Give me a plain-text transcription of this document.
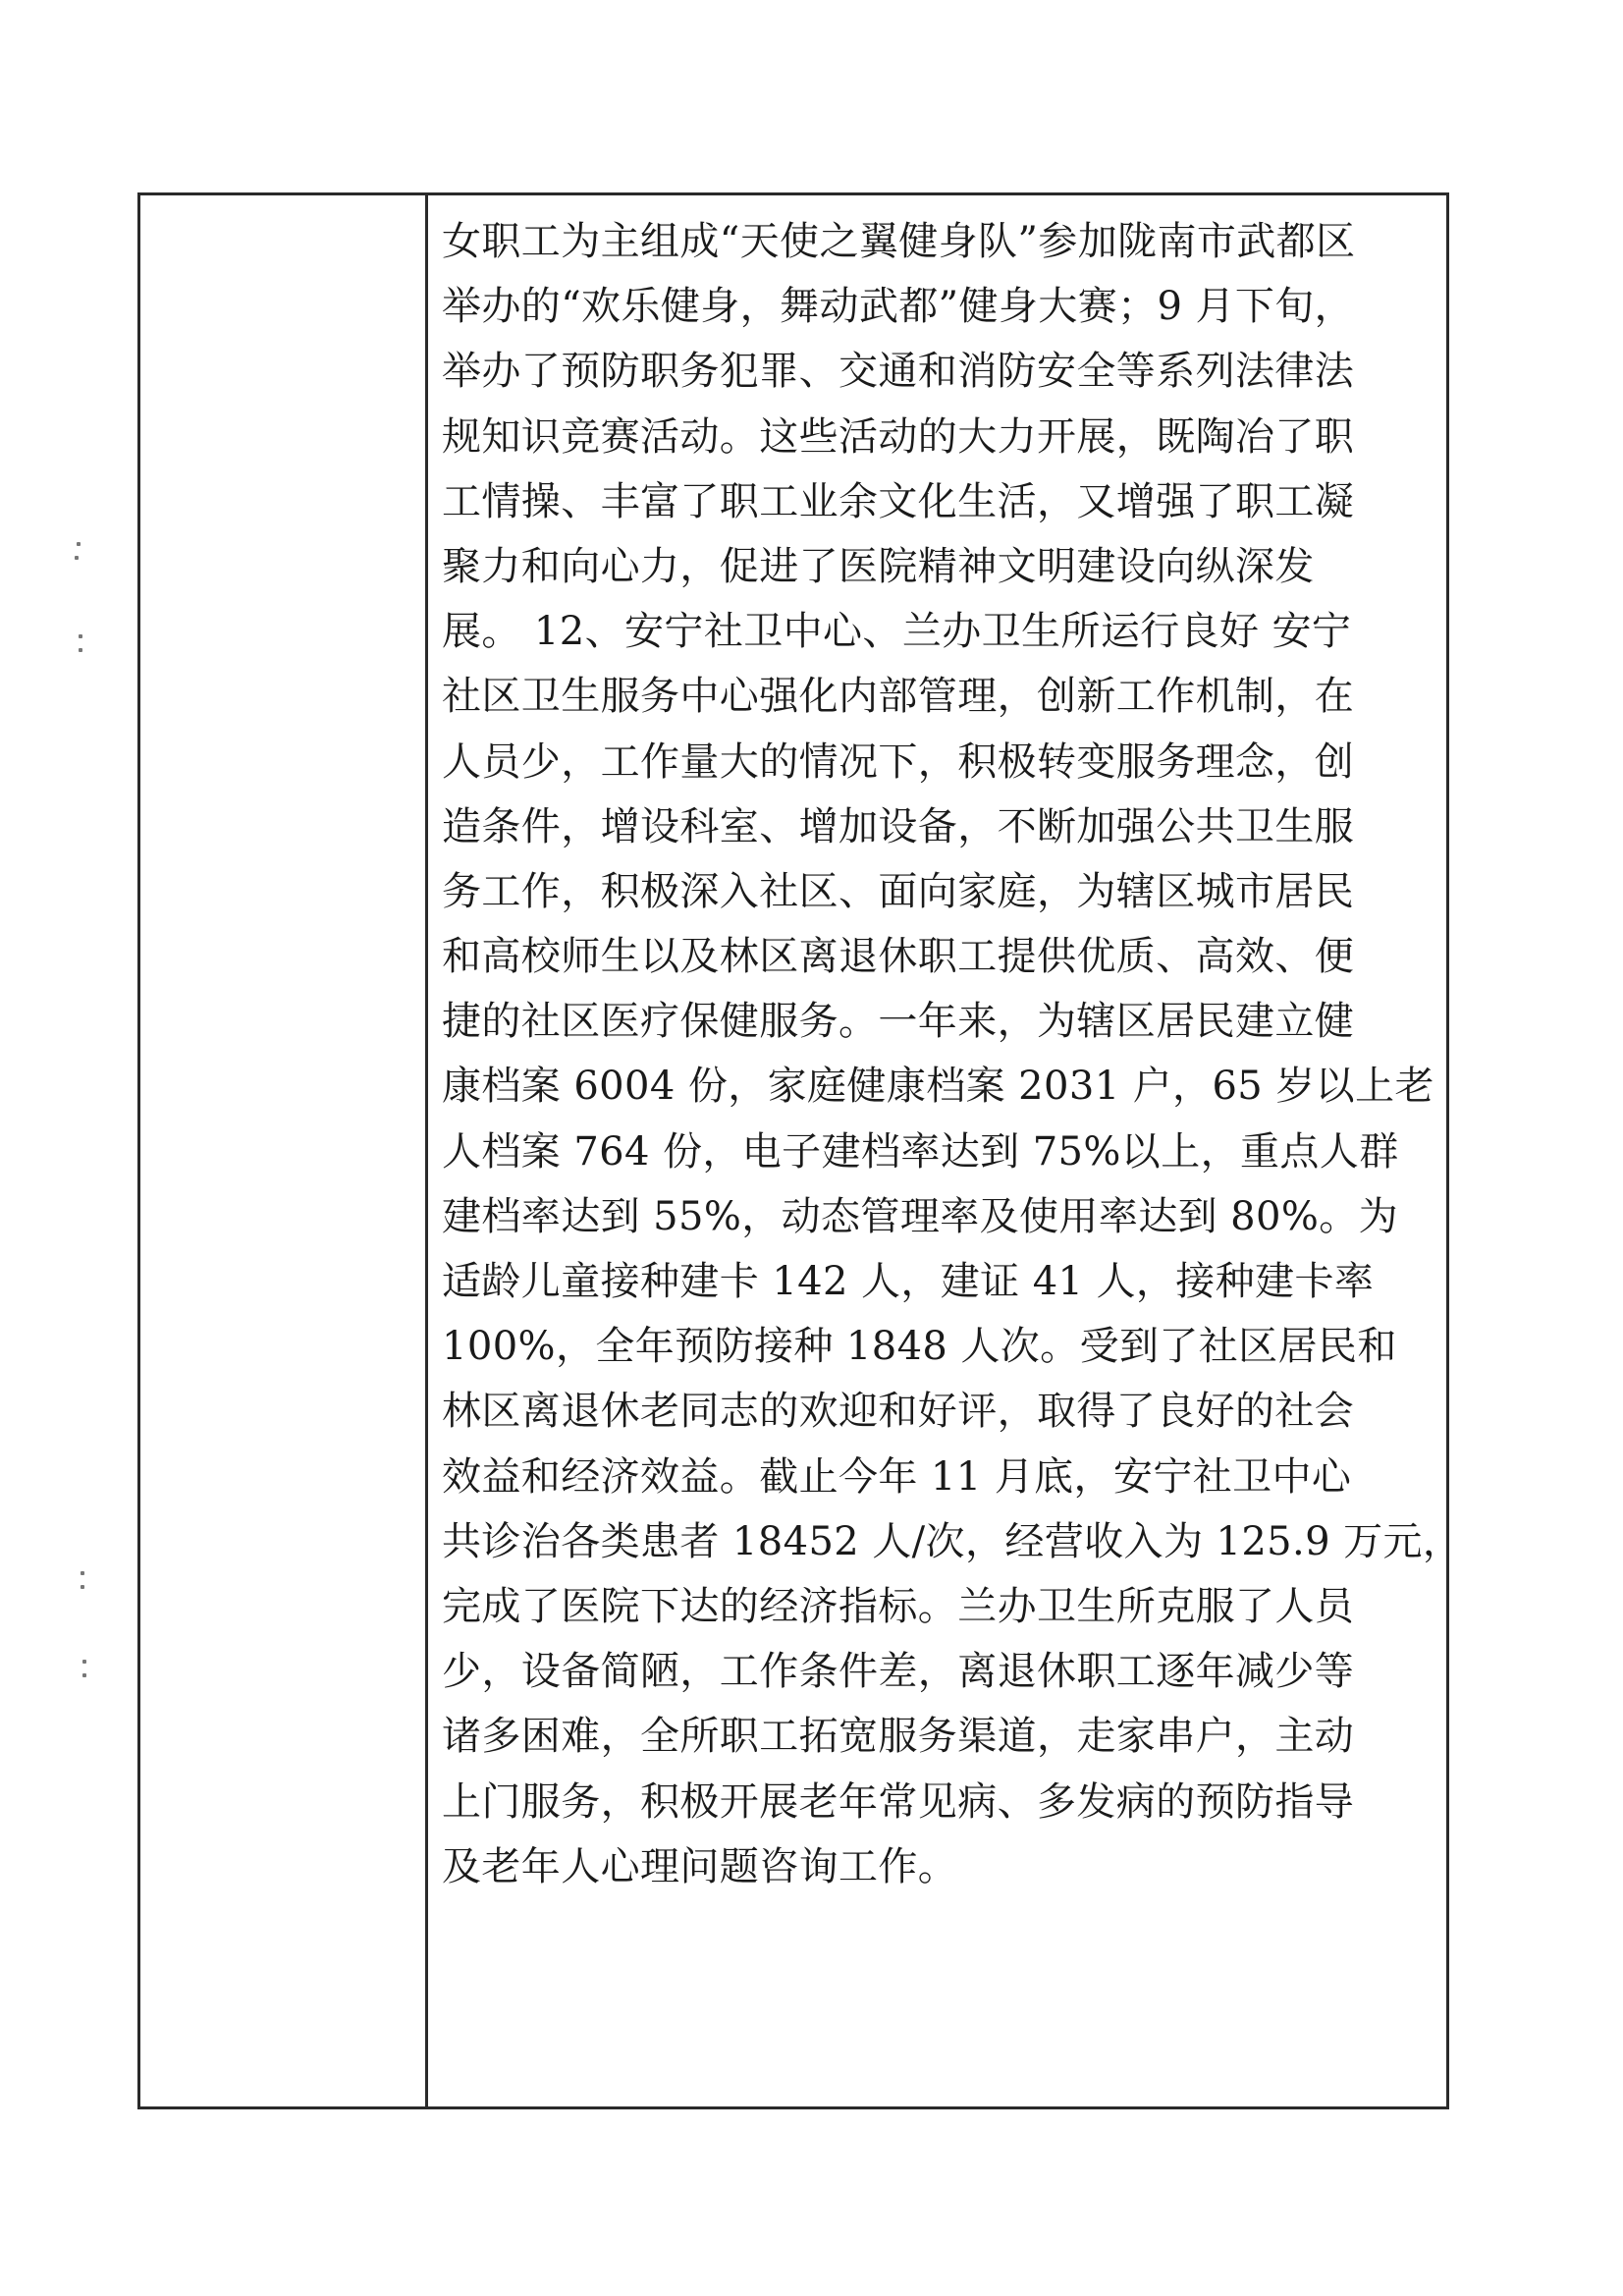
女职工为主组成“天使之翼健身队”参加陇南市武都区
举办的“欢乐健身，舞动武都”健身大赛；9 月下旬，
举办了预防职务犯罪、交通和消防安全等系列法律法
规知识竞赛活动。这些活动的大力开展，既陶冶了职
工情操、丰富了职工业余文化生活，又增强了职工凝
聚力和向心力，促进了医院精神文明建设向纵深发
展。 12、安宁社卫中心、兰办卫生所运行良好 安宁
社区卫生服务中心强化内部管理，创新工作机制，在
人员少，工作量大的情况下，积极转变服务理念，创
造条件，增设科室、增加设备，不断加强公共卫生服
务工作，积极深入社区、面向家庭，为辖区城市居民
和高校师生以及林区离退休职工提供优质、高效、便
捷的社区医疗保健服务。一年来，为辖区居民建立健
康档案 6004 份，家庭健康档案 2031 户，65 岁以上老
人档案 764 份，电子建档率达到 75%以上，重点人群
建档率达到 55%，动态管理率及使用率达到 80%。为
适龄儿童接种建卡 142 人，建证 41 人，接种建卡率
100%，全年预防接种 1848 人次。受到了社区居民和
林区离退休老同志的欢迎和好评，取得了良好的社会
效益和经济效益。截止今年 11 月底，安宁社卫中心
共诊治各类患者 18452 人/次，经营收入为 125.9 万元，
完成了医院下达的经济指标。兰办卫生所克服了人员
少，设备简陋，工作条件差，离退休职工逐年减少等
诸多困难，全所职工拓宽服务渠道，走家串户，主动
上门服务，积极开展老年常见病、多发病的预防指导
及老年人心理问题咨询工作。
